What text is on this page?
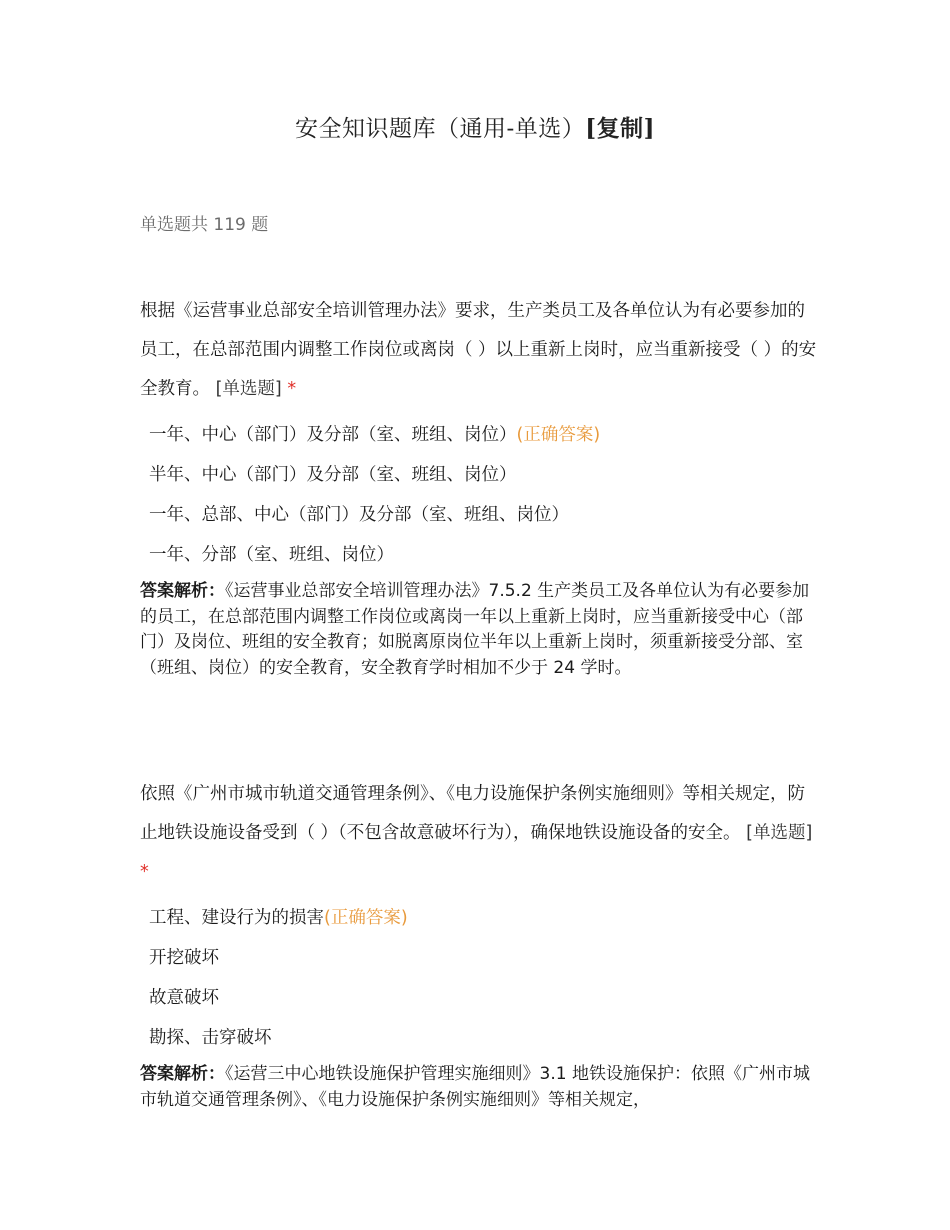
安全知识题库（通用-单选）[复制]
单选题共 119 题

根据《运营事业总部安全培训管理办法》要求，生产类员工及各单位认为有必要参加的员工，在总部范围内调整工作岗位或离岗（ ）以上重新上岗时，应当重新接受（ ）的安全教育。 [单选题] *

一年、中心（部门）及分部（室、班组、岗位）(正确答案)
半年、中心（部门）及分部（室、班组、岗位）
一年、总部、中心（部门）及分部（室、班组、岗位）
一年、分部（室、班组、岗位）
答案解析：《运营事业总部安全培训管理办法》7.5.2 生产类员工及各单位认为有必要参加的员工，在总部范围内调整工作岗位或离岗一年以上重新上岗时，应当重新接受中心（部门）及岗位、班组的安全教育；如脱离原岗位半年以上重新上岗时，须重新接受分部、室（班组、岗位）的安全教育，安全教育学时相加不少于 24 学时。

依照《广州市城市轨道交通管理条例》、《电力设施保护条例实施细则》等相关规定，防止地铁设施设备受到（ ）（不包含故意破坏行为），确保地铁设施设备的安全。 [单选题] *

工程、建设行为的损害(正确答案)
开挖破坏
故意破坏
勘探、击穿破坏
答案解析：《运营三中心地铁设施保护管理实施细则》3.1 地铁设施保护：依照《广州市城市轨道交通管理条例》、《电力设施保护条例实施细则》等相关规定，
